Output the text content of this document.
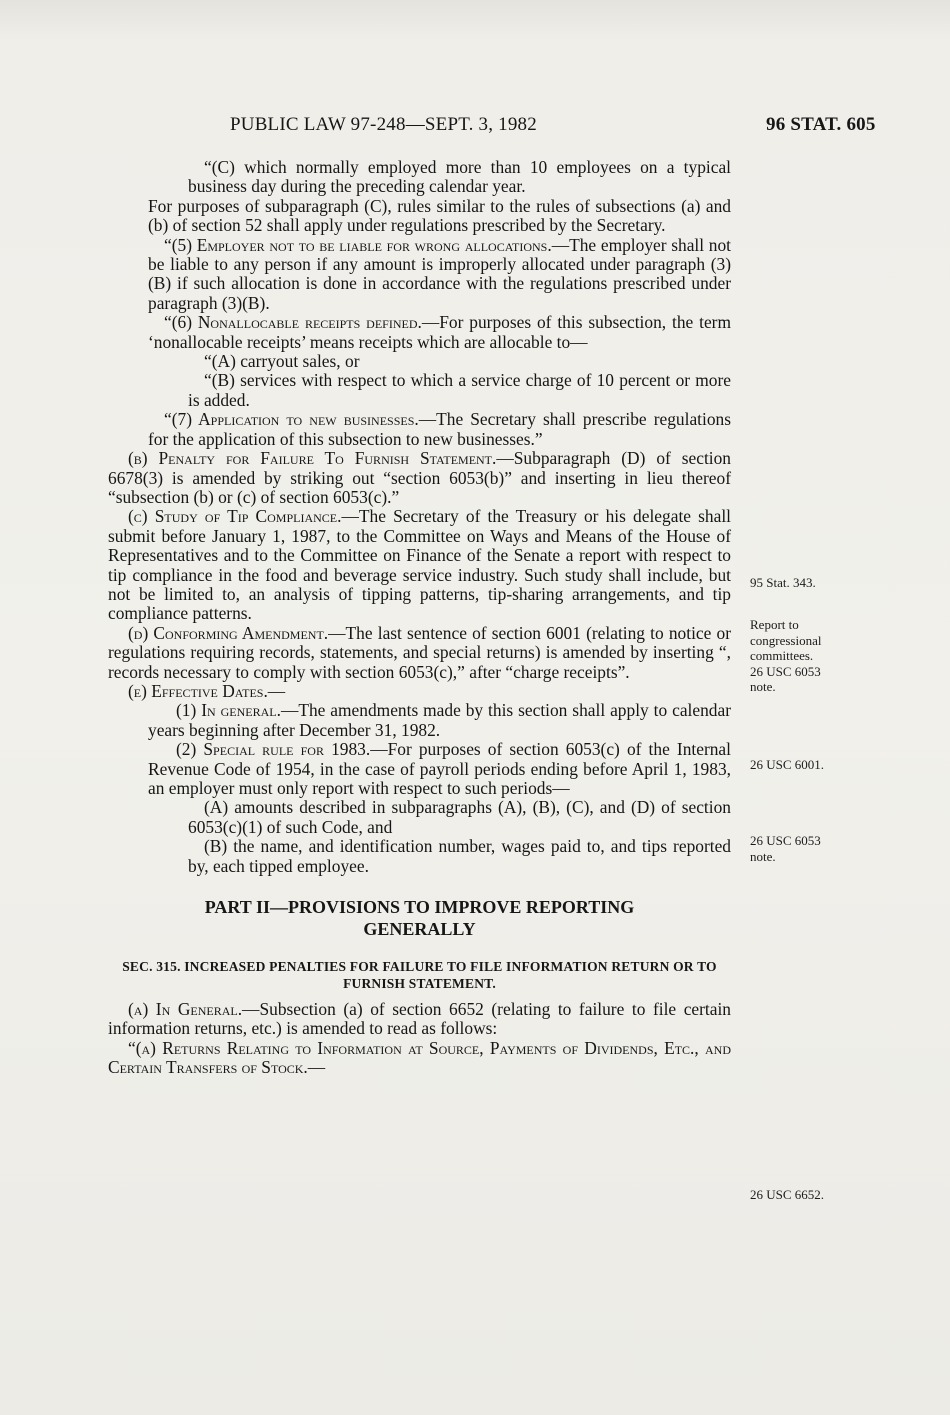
PUBLIC LAW 97-248—SEPT. 3, 1982	96 STAT. 605

“(C) which normally employed more than 10 employees on a typical business day during the preceding calendar year.

For purposes of subparagraph (C), rules similar to the rules of subsections (a) and (b) of section 52 shall apply under regulations prescribed by the Secretary.

“(5) Employer not to be liable for wrong allocations.—The employer shall not be liable to any person if any amount is improperly allocated under paragraph (3)(B) if such allocation is done in accordance with the regulations prescribed under paragraph (3)(B).

“(6) Nonallocable receipts defined.—For purposes of this subsection, the term ‘nonallocable receipts’ means receipts which are allocable to—

“(A) carryout sales, or

“(B) services with respect to which a service charge of 10 percent or more is added.

“(7) Application to new businesses.—The Secretary shall prescribe regulations for the application of this subsection to new businesses.”

(b) Penalty for Failure To Furnish Statement.—Subparagraph (D) of section 6678(3) is amended by striking out “section 6053(b)” and inserting in lieu thereof “subsection (b) or (c) of section 6053(c).”

(c) Study of Tip Compliance.—The Secretary of the Treasury or his delegate shall submit before January 1, 1987, to the Committee on Ways and Means of the House of Representatives and to the Committee on Finance of the Senate a report with respect to tip compliance in the food and beverage service industry. Such study shall include, but not be limited to, an analysis of tipping patterns, tip-sharing arrangements, and tip compliance patterns.

(d) Conforming Amendment.—The last sentence of section 6001 (relating to notice or regulations requiring records, statements, and special returns) is amended by inserting “, records necessary to comply with section 6053(c),” after “charge receipts”.

(e) Effective Dates.—

(1) In general.—The amendments made by this section shall apply to calendar years beginning after December 31, 1982.

(2) Special rule for 1983.—For purposes of section 6053(c) of the Internal Revenue Code of 1954, in the case of payroll periods ending before April 1, 1983, an employer must only report with respect to such periods—

(A) amounts described in subparagraphs (A), (B), (C), and (D) of section 6053(c)(1) of such Code, and

(B) the name, and identification number, wages paid to, and tips reported by, each tipped employee.

PART II—PROVISIONS TO IMPROVE REPORTING GENERALLY

SEC. 315. INCREASED PENALTIES FOR FAILURE TO FILE INFORMATION RETURN OR TO FURNISH STATEMENT.

(a) In General.—Subsection (a) of section 6652 (relating to failure to file certain information returns, etc.) is amended to read as follows:

“(a) Returns Relating to Information at Source, Payments of Dividends, Etc., and Certain Transfers of Stock.—

95 Stat. 343.
Report to
congressional
committees.
26 USC 6053
note.
26 USC 6001.
26 USC 6053
note.
26 USC 6652.
